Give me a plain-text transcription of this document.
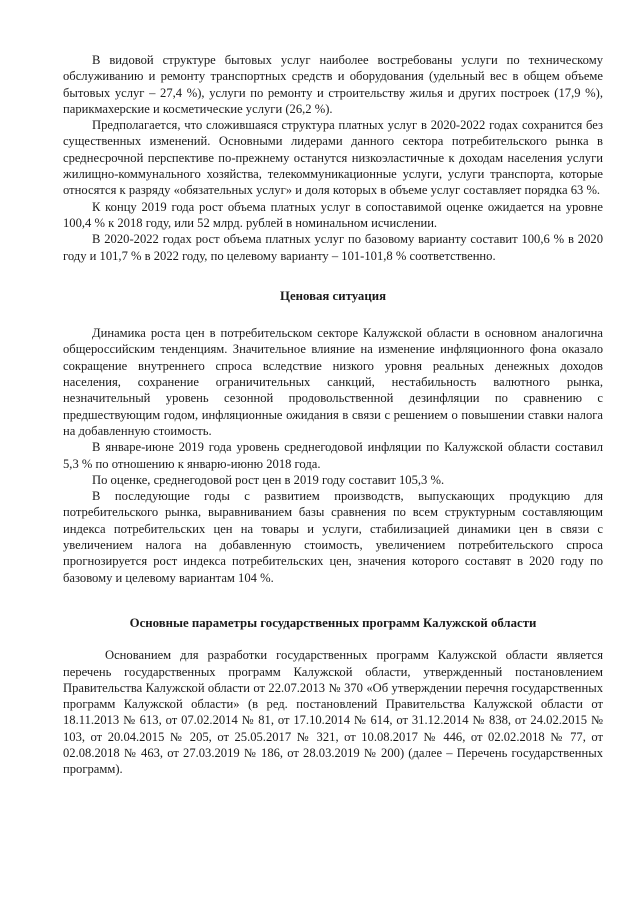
В видовой структуре бытовых услуг наиболее востребованы услуги по техническому обслуживанию и ремонту транспортных средств и оборудования (удельный вес в общем объеме бытовых услуг – 27,4 %), услуги по ремонту и строительству жилья и других построек (17,9 %), парикмахерские и косметические услуги (26,2 %).

Предполагается, что сложившаяся структура платных услуг в 2020-2022 годах сохранится без существенных изменений. Основными лидерами данного сектора потребительского рынка в среднесрочной перспективе по-прежнему останутся низкоэластичные к доходам населения услуги жилищно-коммунального хозяйства, телекоммуникационные услуги, услуги транспорта, которые относятся к разряду «обязательных услуг» и доля которых в объеме услуг составляет порядка 63 %.

К концу 2019 года рост объема платных услуг в сопоставимой оценке ожидается на уровне 100,4 % к 2018 году, или 52 млрд. рублей в номинальном исчислении.

В 2020-2022 годах рост объема платных услуг по базовому варианту составит 100,6 % в 2020 году и 101,7 % в 2022 году, по целевому варианту – 101-101,8 % соответственно.

Ценовая ситуация

Динамика роста цен в потребительском секторе Калужской области в основном аналогична общероссийским тенденциям. Значительное влияние на изменение инфляционного фона оказало сокращение внутреннего спроса вследствие низкого уровня реальных денежных доходов населения, сохранение ограничительных санкций, нестабильность валютного рынка, незначительный уровень сезонной продовольственной дезинфляции по сравнению с предшествующим годом, инфляционные ожидания в связи с решением о повышении ставки налога на добавленную стоимость.

В январе-июне 2019 года уровень среднегодовой инфляции по Калужской области составил 5,3 % по отношению к январю-июню 2018 года.

По оценке, среднегодовой рост цен в 2019 году составит 105,3 %.

В последующие годы с развитием производств, выпускающих продукцию для потребительского рынка, выравниванием базы сравнения по всем структурным составляющим индекса потребительских цен на товары и услуги, стабилизацией динамики цен в связи с увеличением налога на добавленную стоимость, увеличением потребительского спроса прогнозируется рост индекса потребительских цен, значения которого составят в 2020 году по базовому и целевому вариантам 104 %.

Основные параметры государственных программ Калужской области

Основанием для разработки государственных программ Калужской области является перечень государственных программ Калужской области, утвержденный постановлением Правительства Калужской области от 22.07.2013 № 370 «Об утверждении перечня государственных программ Калужской области» (в ред. постановлений Правительства Калужской области от 18.11.2013 № 613, от 07.02.2014 № 81, от 17.10.2014 № 614, от 31.12.2014 № 838, от 24.02.2015 № 103, от 20.04.2015 № 205, от 25.05.2017 № 321, от 10.08.2017 № 446, от 02.02.2018 № 77, от 02.08.2018 № 463, от 27.03.2019 № 186, от 28.03.2019 № 200) (далее – Перечень государственных программ).
